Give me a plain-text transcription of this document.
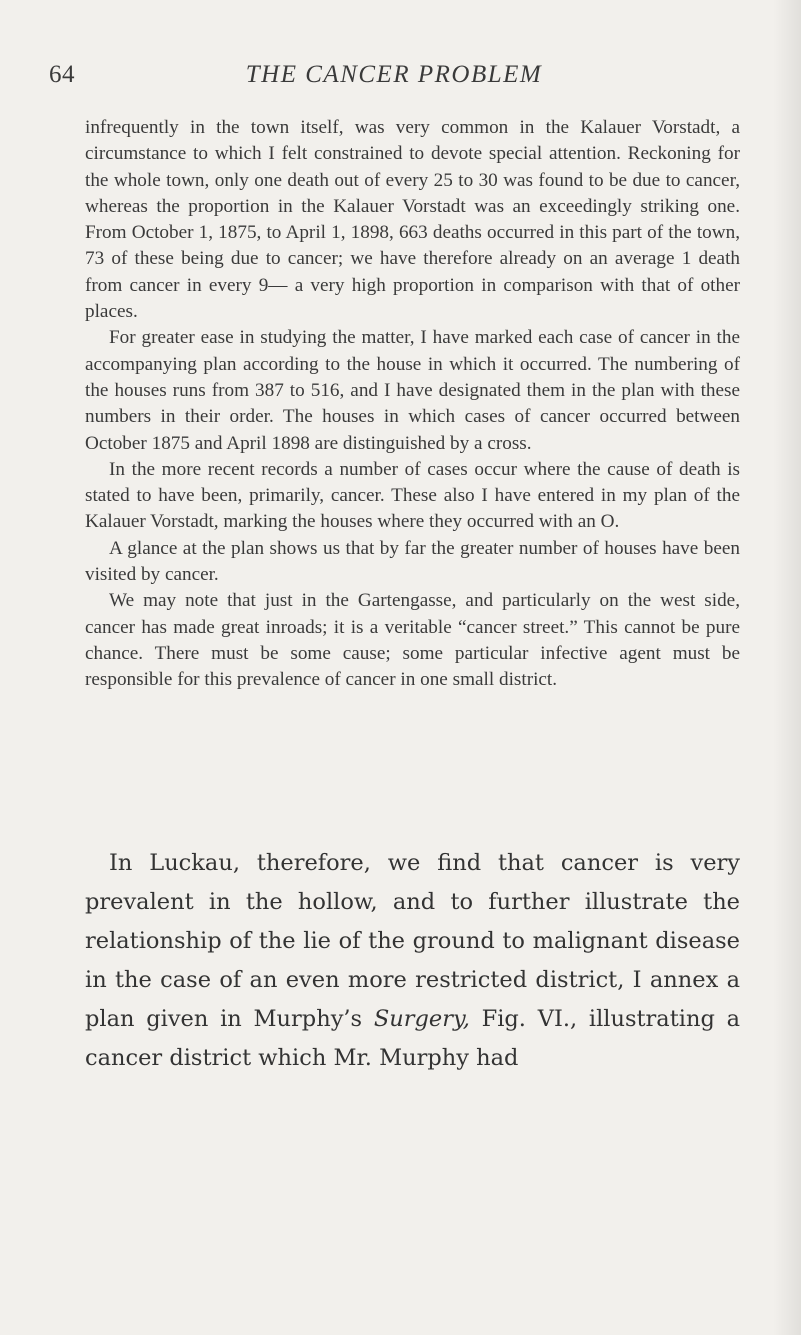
64	THE CANCER PROBLEM

infrequently in the town itself, was very common in the Kalauer Vorstadt, a circumstance to which I felt constrained to devote special attention. Reckoning for the whole town, only one death out of every 25 to 30 was found to be due to cancer, whereas the proportion in the Kalauer Vorstadt was an exceedingly striking one. From October 1, 1875, to April 1, 1898, 663 deaths occurred in this part of the town, 73 of these being due to cancer; we have therefore already on an average 1 death from cancer in every 9— a very high proportion in comparison with that of other places.

For greater ease in studying the matter, I have marked each case of cancer in the accompanying plan according to the house in which it occurred. The numbering of the houses runs from 387 to 516, and I have designated them in the plan with these numbers in their order. The houses in which cases of cancer occurred between October 1875 and April 1898 are distinguished by a cross.

In the more recent records a number of cases occur where the cause of death is stated to have been, primarily, cancer. These also I have entered in my plan of the Kalauer Vorstadt, marking the houses where they occurred with an O.

A glance at the plan shows us that by far the greater number of houses have been visited by cancer.

We may note that just in the Gartengasse, and particularly on the west side, cancer has made great inroads; it is a veritable “cancer street.” This cannot be pure chance. There must be some cause; some particular infective agent must be responsible for this prevalence of cancer in one small district.

In Luckau, therefore, we find that cancer is very prevalent in the hollow, and to further illustrate the relationship of the lie of the ground to malignant disease in the case of an even more restricted district, I annex a plan given in Murphy’s Surgery, Fig. VI., illustrating a cancer district which Mr. Murphy had
